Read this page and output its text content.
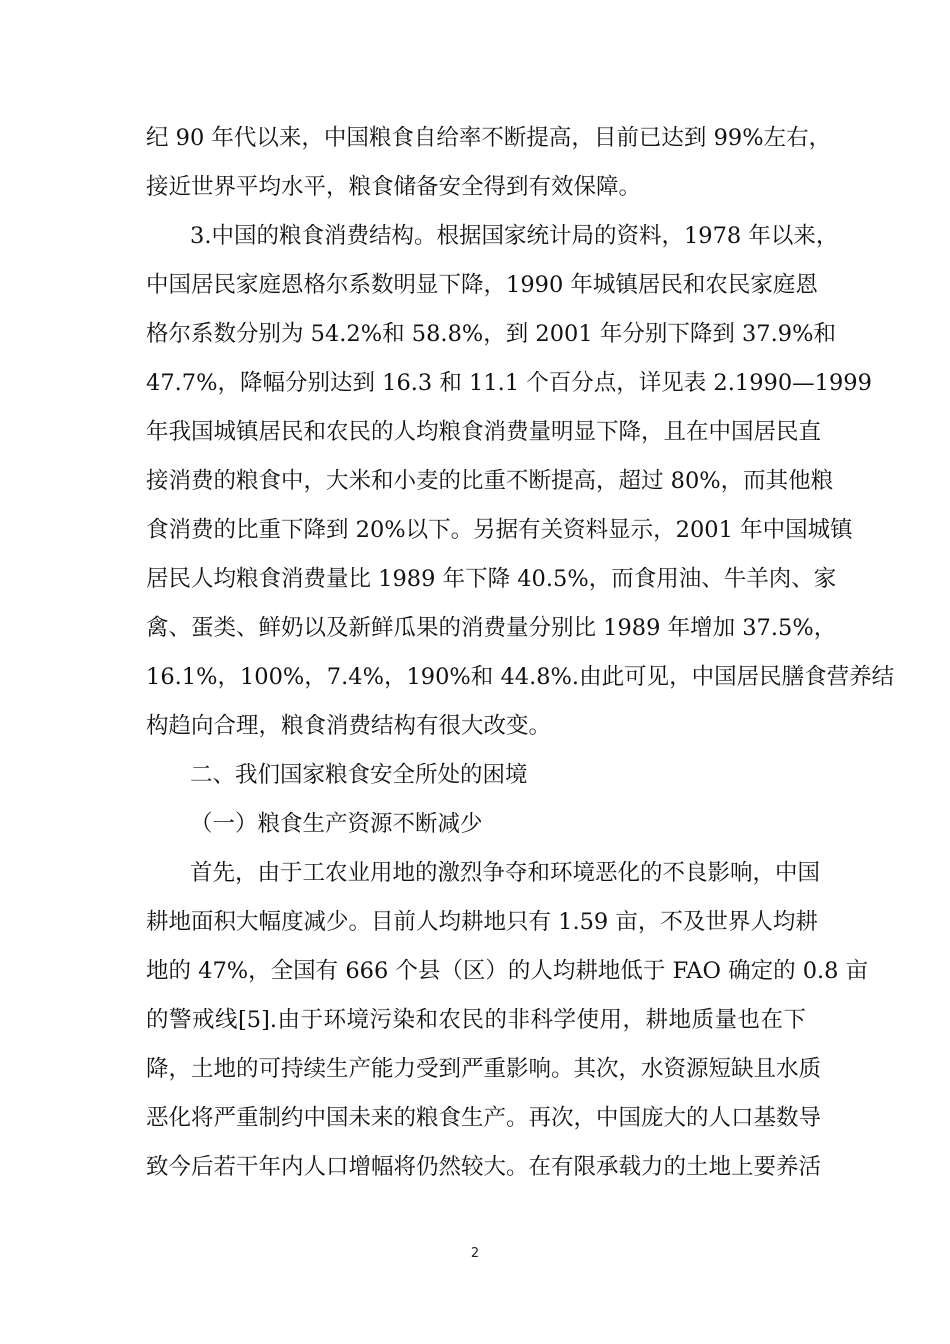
纪 90 年代以来，中国粮食自给率不断提高，目前已达到 99%左右，
接近世界平均水平，粮食储备安全得到有效保障。
3.中国的粮食消费结构。根据国家统计局的资料，1978 年以来，
中国居民家庭恩格尔系数明显下降，1990 年城镇居民和农民家庭恩
格尔系数分别为 54.2%和 58.8%，到 2001 年分别下降到 37.9%和
47.7%，降幅分别达到 16.3 和 11.1 个百分点，详见表 2.1990—1999
年我国城镇居民和农民的人均粮食消费量明显下降，且在中国居民直
接消费的粮食中，大米和小麦的比重不断提高，超过 80%，而其他粮
食消费的比重下降到 20%以下。另据有关资料显示，2001 年中国城镇
居民人均粮食消费量比 1989 年下降 40.5%，而食用油、牛羊肉、家
禽、蛋类、鲜奶以及新鲜瓜果的消费量分别比 1989 年增加 37.5%，
16.1%，100%，7.4%，190%和 44.8%.由此可见，中国居民膳食营养结
构趋向合理，粮食消费结构有很大改变。
二、我们国家粮食安全所处的困境
（一）粮食生产资源不断减少
首先，由于工农业用地的激烈争夺和环境恶化的不良影响，中国
耕地面积大幅度减少。目前人均耕地只有 1.59 亩，不及世界人均耕
地的 47%，全国有 666 个县（区）的人均耕地低于 FAO 确定的 0.8 亩
的警戒线[5].由于环境污染和农民的非科学使用，耕地质量也在下
降，土地的可持续生产能力受到严重影响。其次，水资源短缺且水质
恶化将严重制约中国未来的粮食生产。再次，中国庞大的人口基数导
致今后若干年内人口增幅将仍然较大。在有限承载力的土地上要养活
2
